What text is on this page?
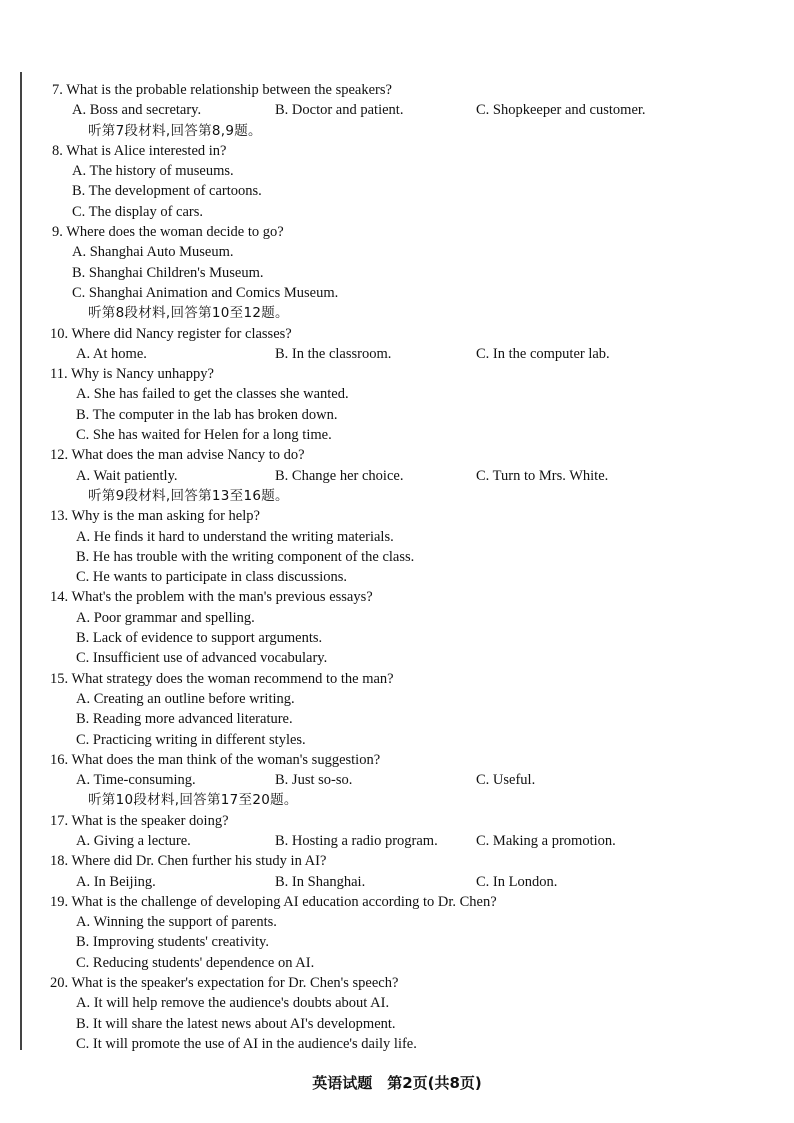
7. What is the probable relationship between the speakers?
A. Boss and secretary.	B. Doctor and patient.	C. Shopkeeper and customer.
听第7段材料,回答第8,9题。
8. What is Alice interested in?
A. The history of museums.
B. The development of cartoons.
C. The display of cars.
9. Where does the woman decide to go?
A. Shanghai Auto Museum.
B. Shanghai Children's Museum.
C. Shanghai Animation and Comics Museum.
听第8段材料,回答第10至12题。
10. Where did Nancy register for classes?
A. At home.	B. In the classroom.	C. In the computer lab.
11. Why is Nancy unhappy?
A. She has failed to get the classes she wanted.
B. The computer in the lab has broken down.
C. She has waited for Helen for a long time.
12. What does the man advise Nancy to do?
A. Wait patiently.	B. Change her choice.	C. Turn to Mrs. White.
听第9段材料,回答第13至16题。
13. Why is the man asking for help?
A. He finds it hard to understand the writing materials.
B. He has trouble with the writing component of the class.
C. He wants to participate in class discussions.
14. What's the problem with the man's previous essays?
A. Poor grammar and spelling.
B. Lack of evidence to support arguments.
C. Insufficient use of advanced vocabulary.
15. What strategy does the woman recommend to the man?
A. Creating an outline before writing.
B. Reading more advanced literature.
C. Practicing writing in different styles.
16. What does the man think of the woman's suggestion?
A. Time-consuming.	B. Just so-so.	C. Useful.
听第10段材料,回答第17至20题。
17. What is the speaker doing?
A. Giving a lecture.	B. Hosting a radio program.	C. Making a promotion.
18. Where did Dr. Chen further his study in AI?
A. In Beijing.	B. In Shanghai.	C. In London.
19. What is the challenge of developing AI education according to Dr. Chen?
A. Winning the support of parents.
B. Improving students' creativity.
C. Reducing students' dependence on AI.
20. What is the speaker's expectation for Dr. Chen's speech?
A. It will help remove the audience's doubts about AI.
B. It will share the latest news about AI's development.
C. It will promote the use of AI in the audience's daily life.
英语试题　第2页(共8页)
